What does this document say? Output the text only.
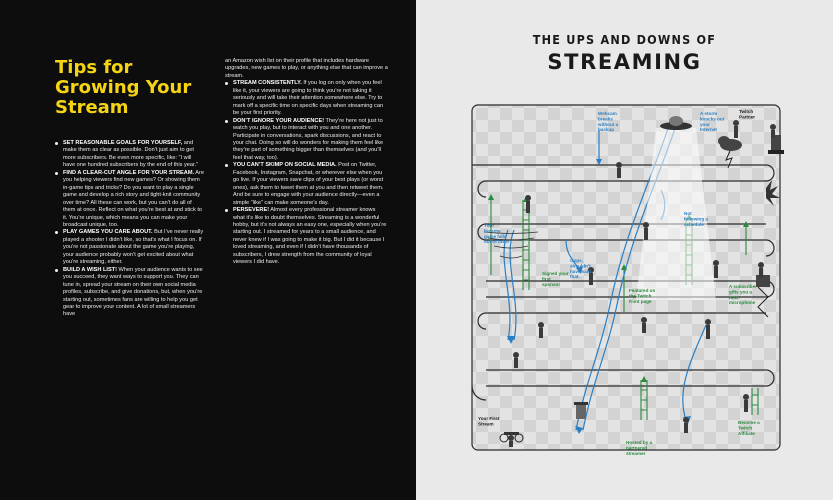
Tips for
Growing Your
Stream

SET REASONABLE GOALS FOR YOURSELF, and make them as clear as possible. Don’t just aim to get more subscribers. Be even more specific, like: “I will have one hundred subscribers by the end of this year.”

FIND A CLEAR-CUT ANGLE FOR YOUR STREAM. Are you helping viewers find new games? Or showing them in-game tips and tricks? Do you want to play a single game and develop a rich story and tight-knit community over time? All these can work, but you can’t do all of them at once. Reflect on what you’re best at and stick to it. You’re unique, which means you can make your broadcast unique, too.

PLAY GAMES YOU CARE ABOUT. But I’ve never really played a shooter I didn’t like, so that’s what I focus on. If you’re not passionate about the game you’re playing, your audience probably won’t get excited about what you’re streaming, either.

BUILD A WISH LIST! When your audience wants to see you succeed, they want ways to support you. They can tune in, spread your stream on their own social media profiles, subscribe, and give donations, but, when you’re starting out, sometimes fans are willing to help you get gear to improve your content. A lot of small streamers have

an Amazon wish list on their profile that includes hardware upgrades, new games to play, or anything else that can improve a stream.

STREAM CONSISTENTLY. If you log on only when you feel like it, your viewers are going to think you’re not taking it seriously and will take their attention somewhere else. Try to mark off a specific time on specific days when streaming can be your first priority.

DON’T IGNORE YOUR AUDIENCE! They’re here not just to watch you play, but to interact with you and one another. Participate in conversations, spark discussions, and react to your chat. Doing so will do wonders for making them feel like they’re part of something bigger than themselves (and you’ll feel that way, too).

YOU CAN’T SKIMP ON SOCIAL MEDIA. Post on Twitter, Facebook, Instagram, Snapchat, or wherever else when you go live. If your viewers save clips of your best plays (or worst ones), ask them to tweet them at you and then retweet them. And be sure to engage with your audience directly—even a simple “like” can make someone’s day.

PERSEVERE! Almost every professional streamer knows what it’s like to doubt themselves. Streaming is a wonderful hobby, but it’s not always an easy one, especially when you’re starting out. I streamed for years to a small audience, and never knew if I was going to make it big. But I did it because I loved streaming, and even if I didn’t have thousands of subscribers, I drew strength from the community of loyal viewers I did have.

THE UPS AND DOWNS OF
STREAMING
Twitch Partner
Webcam breaks without a backup
A storm knocks out your Internet
Your favorite game falls out of favor
Not following a schedule
Oops, shouldn’t have said that.
Signed your first sponsor
Featured on the Twitch front page
A subscriber gifts you a new microphone
Your First Stream
Hosted by a partnered streamer
Become a Twitch Affiliate
